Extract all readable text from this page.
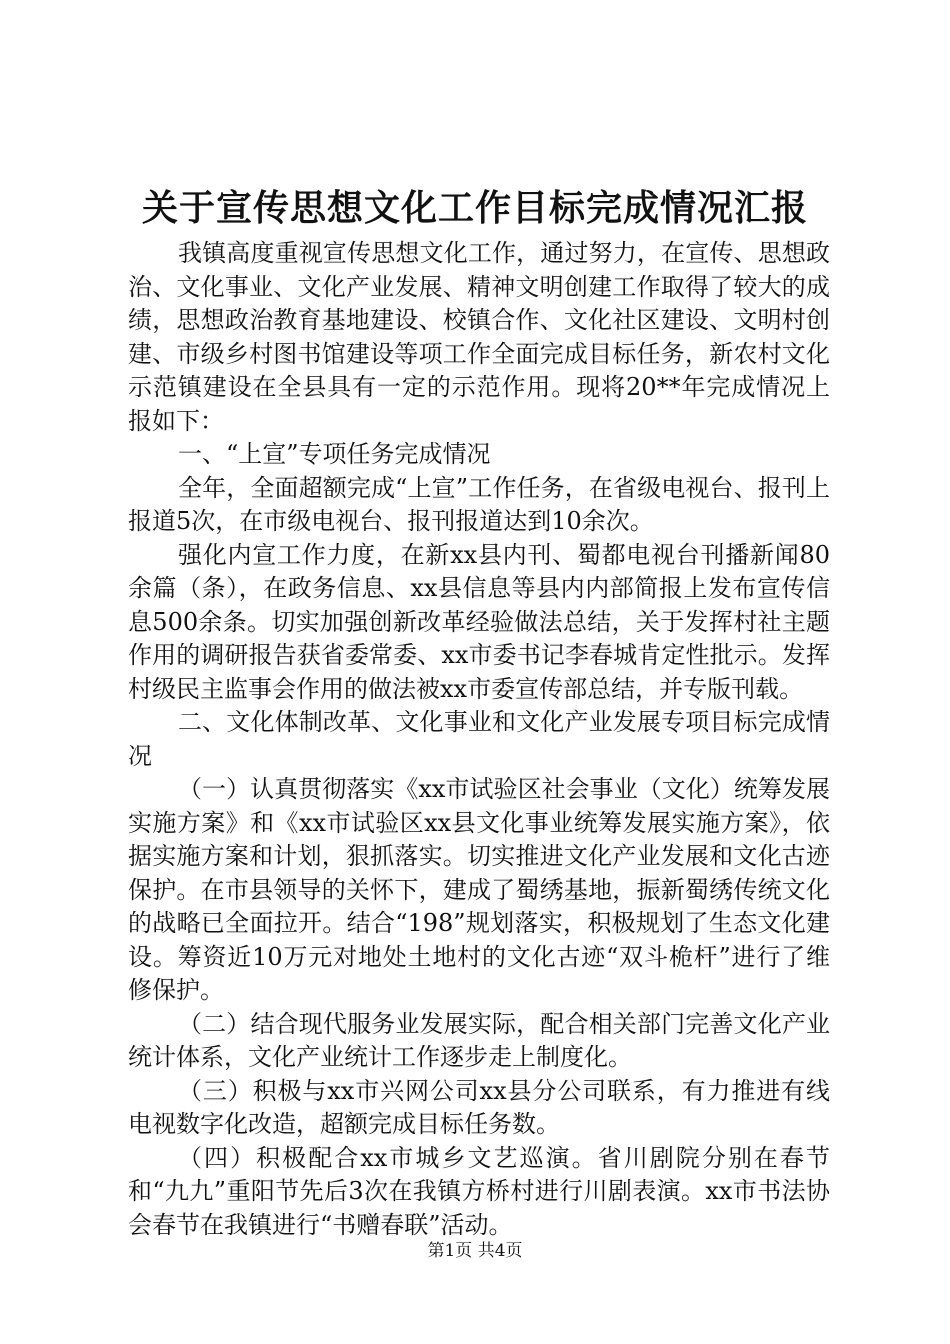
关于宣传思想文化工作目标完成情况汇报

我镇高度重视宣传思想文化工作，通过努力，在宣传、思想政治、文化事业、文化产业发展、精神文明创建工作取得了较大的成绩，思想政治教育基地建设、校镇合作、文化社区建设、文明村创建、市级乡村图书馆建设等项工作全面完成目标任务，新农村文化示范镇建设在全县具有一定的示范作用。现将20**年完成情况上报如下：

一、“上宣”专项任务完成情况

全年，全面超额完成“上宣”工作任务，在省级电视台、报刊上报道5次，在市级电视台、报刊报道达到10余次。

强化内宣工作力度，在新xx县内刊、蜀都电视台刊播新闻80余篇（条），在政务信息、xx县信息等县内内部简报上发布宣传信息500余条。切实加强创新改革经验做法总结，关于发挥村社主题作用的调研报告获省委常委、xx市委书记李春城肯定性批示。发挥村级民主监事会作用的做法被xx市委宣传部总结，并专版刊载。

二、文化体制改革、文化事业和文化产业发展专项目标完成情况

（一）认真贯彻落实《xx市试验区社会事业（文化）统筹发展实施方案》和《xx市试验区xx县文化事业统筹发展实施方案》，依据实施方案和计划，狠抓落实。切实推进文化产业发展和文化古迹保护。在市县领导的关怀下，建成了蜀绣基地，振新蜀绣传统文化的战略已全面拉开。结合“198”规划落实，积极规划了生态文化建设。筹资近10万元对地处土地村的文化古迹“双斗桅杆”进行了维修保护。

（二）结合现代服务业发展实际，配合相关部门完善文化产业统计体系，文化产业统计工作逐步走上制度化。

（三）积极与xx市兴网公司xx县分公司联系，有力推进有线电视数字化改造，超额完成目标任务数。

（四）积极配合xx市城乡文艺巡演。省川剧院分别在春节和“九九”重阳节先后3次在我镇方桥村进行川剧表演。xx市书法协会春节在我镇进行“书赠春联”活动。

第1页 共4页
